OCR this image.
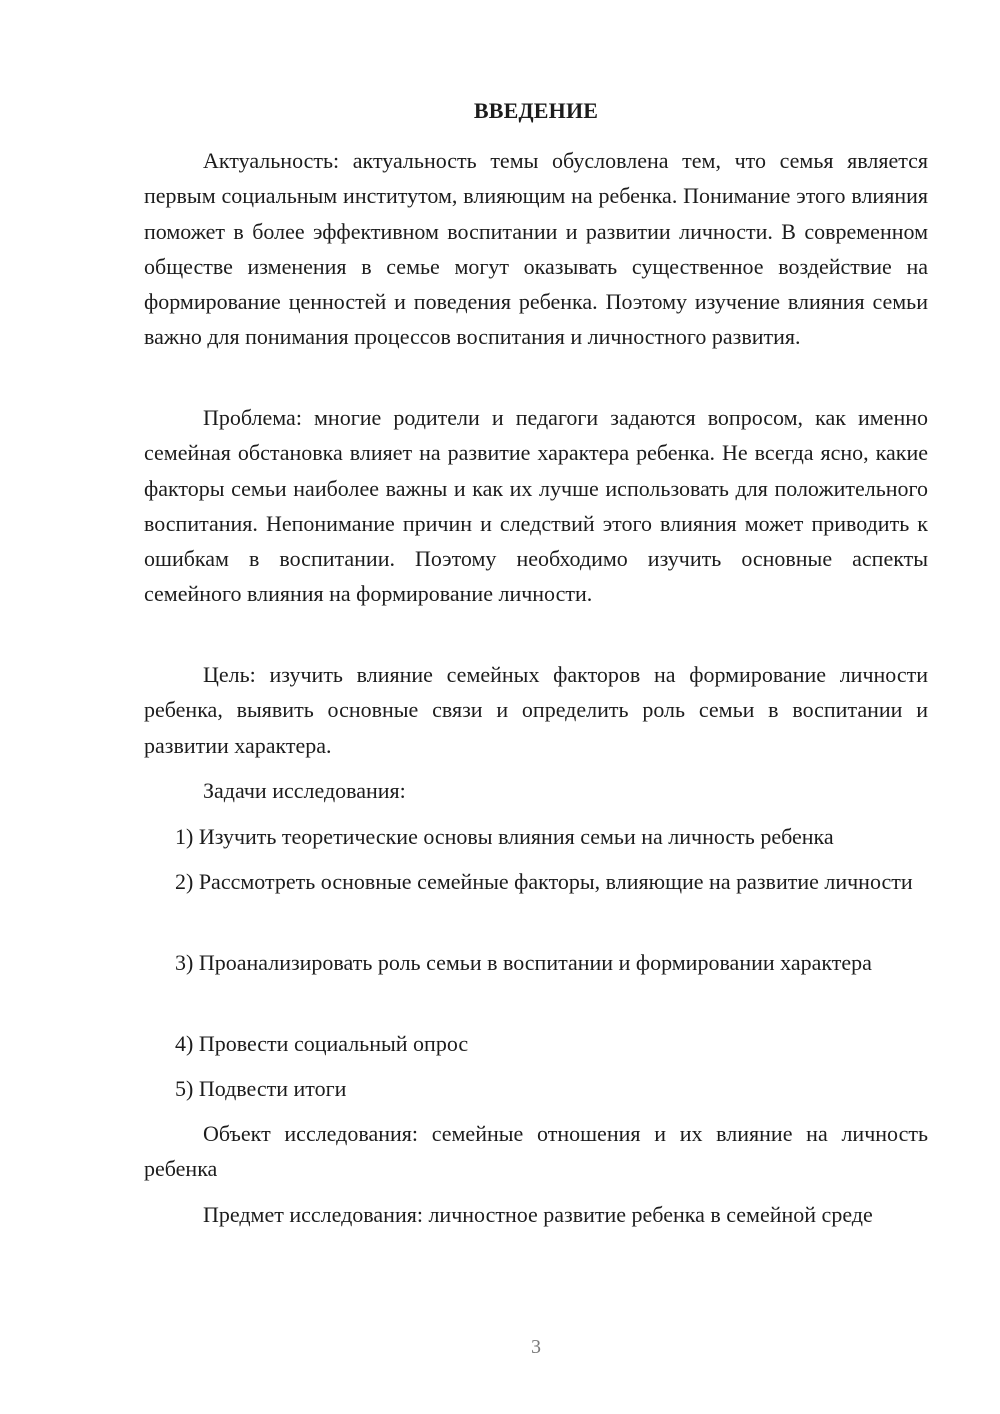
ВВЕДЕНИЕ

Актуальность: актуальность темы обусловлена тем, что семья является первым социальным институтом, влияющим на ребенка. Понимание этого влияния поможет в более эффективном воспитании и развитии личности. В современном обществе изменения в семье могут оказывать существенное воздействие на формирование ценностей и поведения ребенка. Поэтому изучение влияния семьи важно для понимания процессов воспитания и личностного развития.

Проблема: многие родители и педагоги задаются вопросом, как именно семейная обстановка влияет на развитие характера ребенка. Не всегда ясно, какие факторы семьи наиболее важны и как их лучше использовать для положительного воспитания. Непонимание причин и следствий этого влияния может приводить к ошибкам в воспитании. Поэтому необходимо изучить основные аспекты семейного влияния на формирование личности.

Цель: изучить влияние семейных факторов на формирование личности ребенка, выявить основные связи и определить роль семьи в воспитании и развитии характера.

Задачи исследования:

1) Изучить теоретические основы влияния семьи на личность ребенка

2) Рассмотреть основные семейные факторы, влияющие на развитие личности

3) Проанализировать роль семьи в воспитании и формировании характера

4) Провести социальный опрос

5) Подвести итоги

Объект исследования: семейные отношения и их влияние на личность ребенка

Предмет исследования: личностное развитие ребенка в семейной среде

3
